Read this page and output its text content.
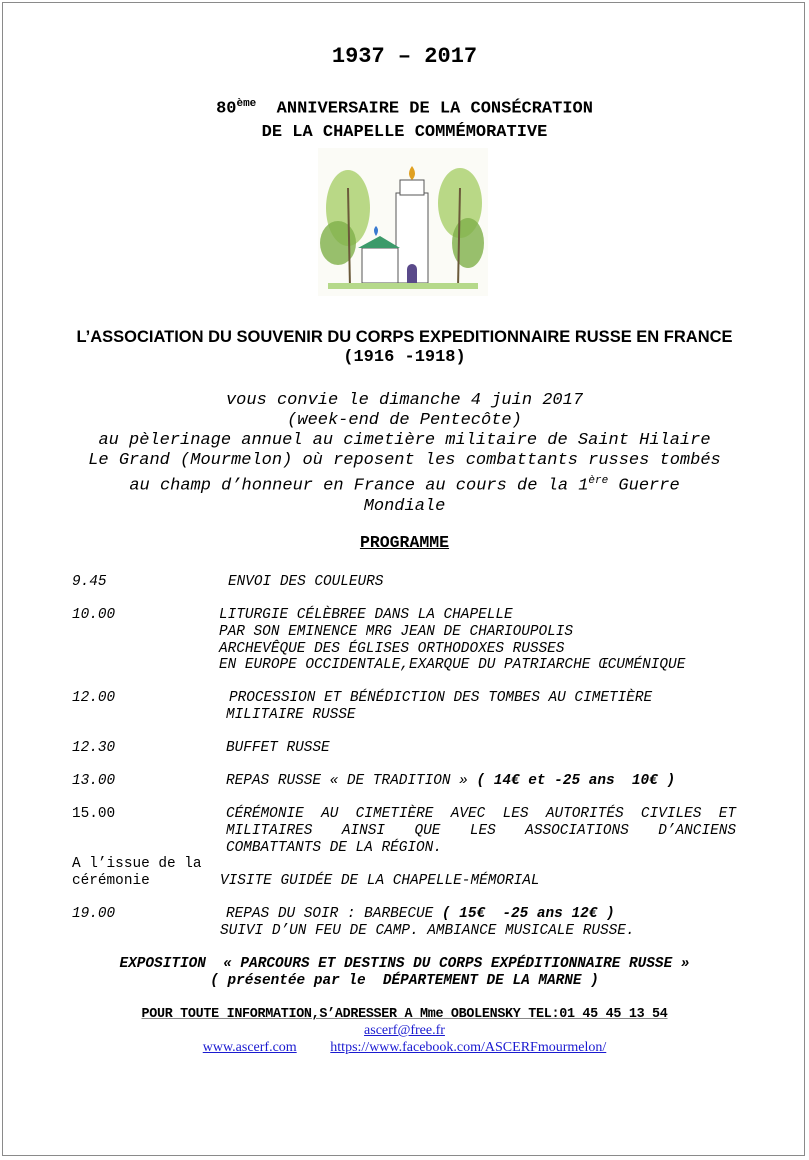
1937 – 2017
80ème  ANNIVERSAIRE DE LA CONSÉCRATION
DE LA CHAPELLE COMMÉMORATIVE
L’ASSOCIATION DU SOUVENIR DU CORPS EXPEDITIONNAIRE RUSSE EN FRANCE
(1916 -1918)
vous convie le dimanche 4 juin 2017
(week-end de Pentecôte)
au pèlerinage annuel au cimetière militaire de Saint Hilaire
Le Grand (Mourmelon) où reposent les combattants russes tombés
au champ d’honneur en France au cours de la 1ère Guerre
Mondiale
PROGRAMME
9.45	ENVOI DES COULEURS
10.00	LITURGIE CÉLÈBREE DANS LA CHAPELLE
PAR SON EMINENCE MRG JEAN DE CHARIOUPOLIS
ARCHEVÊQUE DES ÉGLISES ORTHODOXES RUSSES
EN EUROPE OCCIDENTALE,EXARQUE DU PATRIARCHE ŒCUMÉNIQUE
12.00	PROCESSION ET BÉNÉDICTION DES TOMBES AU CIMETIÈRE
MILITAIRE RUSSE
12.30	BUFFET RUSSE
13.00	REPAS RUSSE « DE TRADITION » ( 14€ et -25 ans  10€ )
15.00	CÉRÉMONIE AU CIMETIÈRE AVEC LES AUTORITÉS CIVILES ET
MILITAIRES AINSI QUE LES ASSOCIATIONS D’ANCIENS
COMBATTANTS DE LA RÉGION.
A l’issue de la
cérémonie	VISITE GUIDÉE DE LA CHAPELLE-MÉMORIAL
19.00	REPAS DU SOIR : BARBECUE ( 15€  -25 ans 12€ )
SUIVI D’UN FEU DE CAMP. AMBIANCE MUSICALE RUSSE.
EXPOSITION  « PARCOURS ET DESTINS DU CORPS EXPÉDITIONNAIRE RUSSE »
( présentée par le  DÉPARTEMENT DE LA MARNE )
POUR TOUTE INFORMATION,S’ADRESSER A Mme OBOLENSKY TEL:01 45 45 13 54
ascerf@free.fr
www.ascerf.com https://www.facebook.com/ASCERFmourmelon/
